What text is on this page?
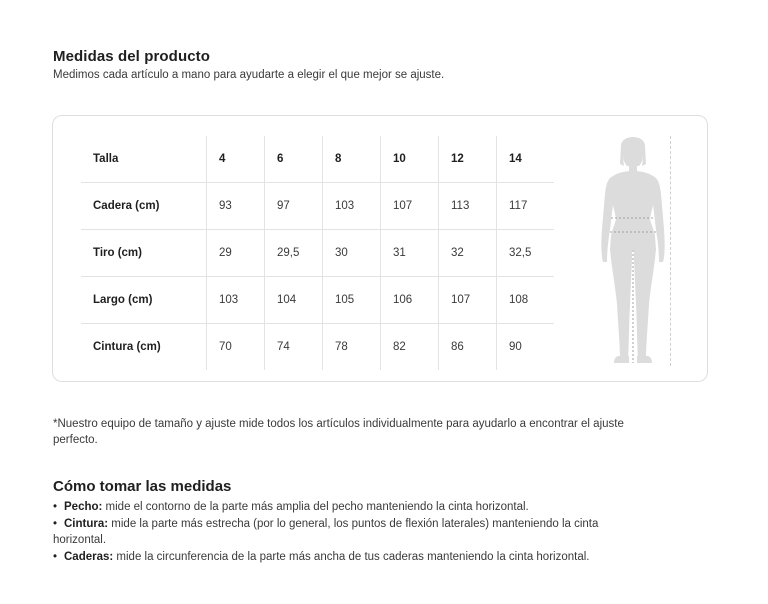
Medidas del producto

Medimos cada artículo a mano para ayudarte a elegir el que mejor se ajuste.

Talla	4	6	8	10	12	14
Cadera (cm)	93	97	103	107	113	117
Tiro (cm)	29	29,5	30	31	32	32,5
Largo (cm)	103	104	105	106	107	108
Cintura (cm)	70	74	78	82	86	90

*Nuestro equipo de tamaño y ajuste mide todos los artículos individualmente para ayudarlo a encontrar el ajuste perfecto.

Cómo tomar las medidas
• Pecho: mide el contorno de la parte más amplia del pecho manteniendo la cinta horizontal.
• Cintura: mide la parte más estrecha (por lo general, los puntos de flexión laterales) manteniendo la cinta horizontal.
• Caderas: mide la circunferencia de la parte más ancha de tus caderas manteniendo la cinta horizontal.
